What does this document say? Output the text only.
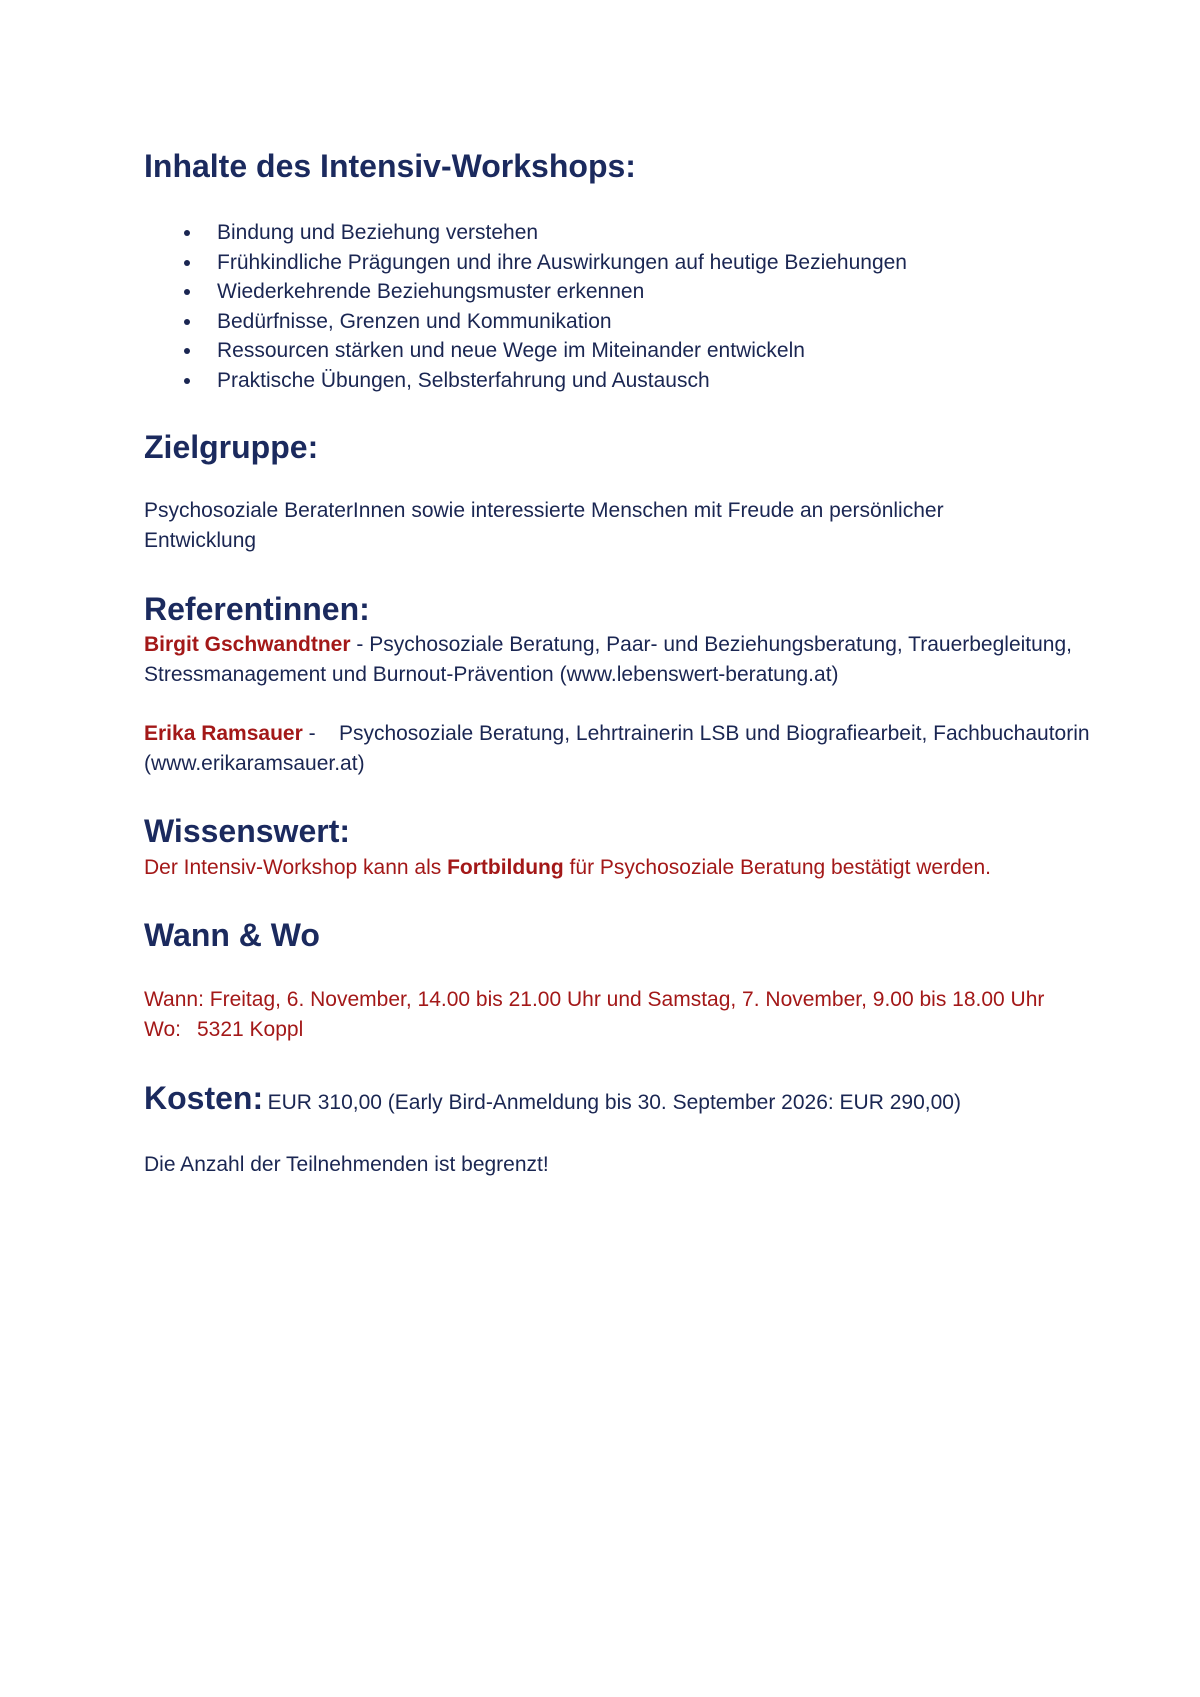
Inhalte des Intensiv-Workshops:
Bindung und Beziehung verstehen
Frühkindliche Prägungen und ihre Auswirkungen auf heutige Beziehungen
Wiederkehrende Beziehungsmuster erkennen
Bedürfnisse, Grenzen und Kommunikation
Ressourcen stärken und neue Wege im Miteinander entwickeln
Praktische Übungen, Selbsterfahrung und Austausch
Zielgruppe:
Psychosoziale BeraterInnen sowie interessierte Menschen mit Freude an persönlicher Entwicklung
Referentinnen:
Birgit Gschwandtner - Psychosoziale Beratung, Paar- und Beziehungsberatung, Trauerbegleitung, Stressmanagement und Burnout-Prävention (www.lebenswert-beratung.at)
Erika Ramsauer -    Psychosoziale Beratung, Lehrtrainerin LSB und Biografiearbeit, Fachbuchautorin (www.erikaramsauer.at)
Wissenswert:
Der Intensiv-Workshop kann als Fortbildung für Psychosoziale Beratung bestätigt werden.
Wann & Wo
Wann: Freitag, 6. November, 14.00 bis 21.00 Uhr und Samstag, 7. November, 9.00 bis 18.00 Uhr
Wo: 5321 Koppl
Kosten: EUR 310,00 (Early Bird-Anmeldung bis 30. September 2026: EUR 290,00)
Die Anzahl der Teilnehmenden ist begrenzt!
